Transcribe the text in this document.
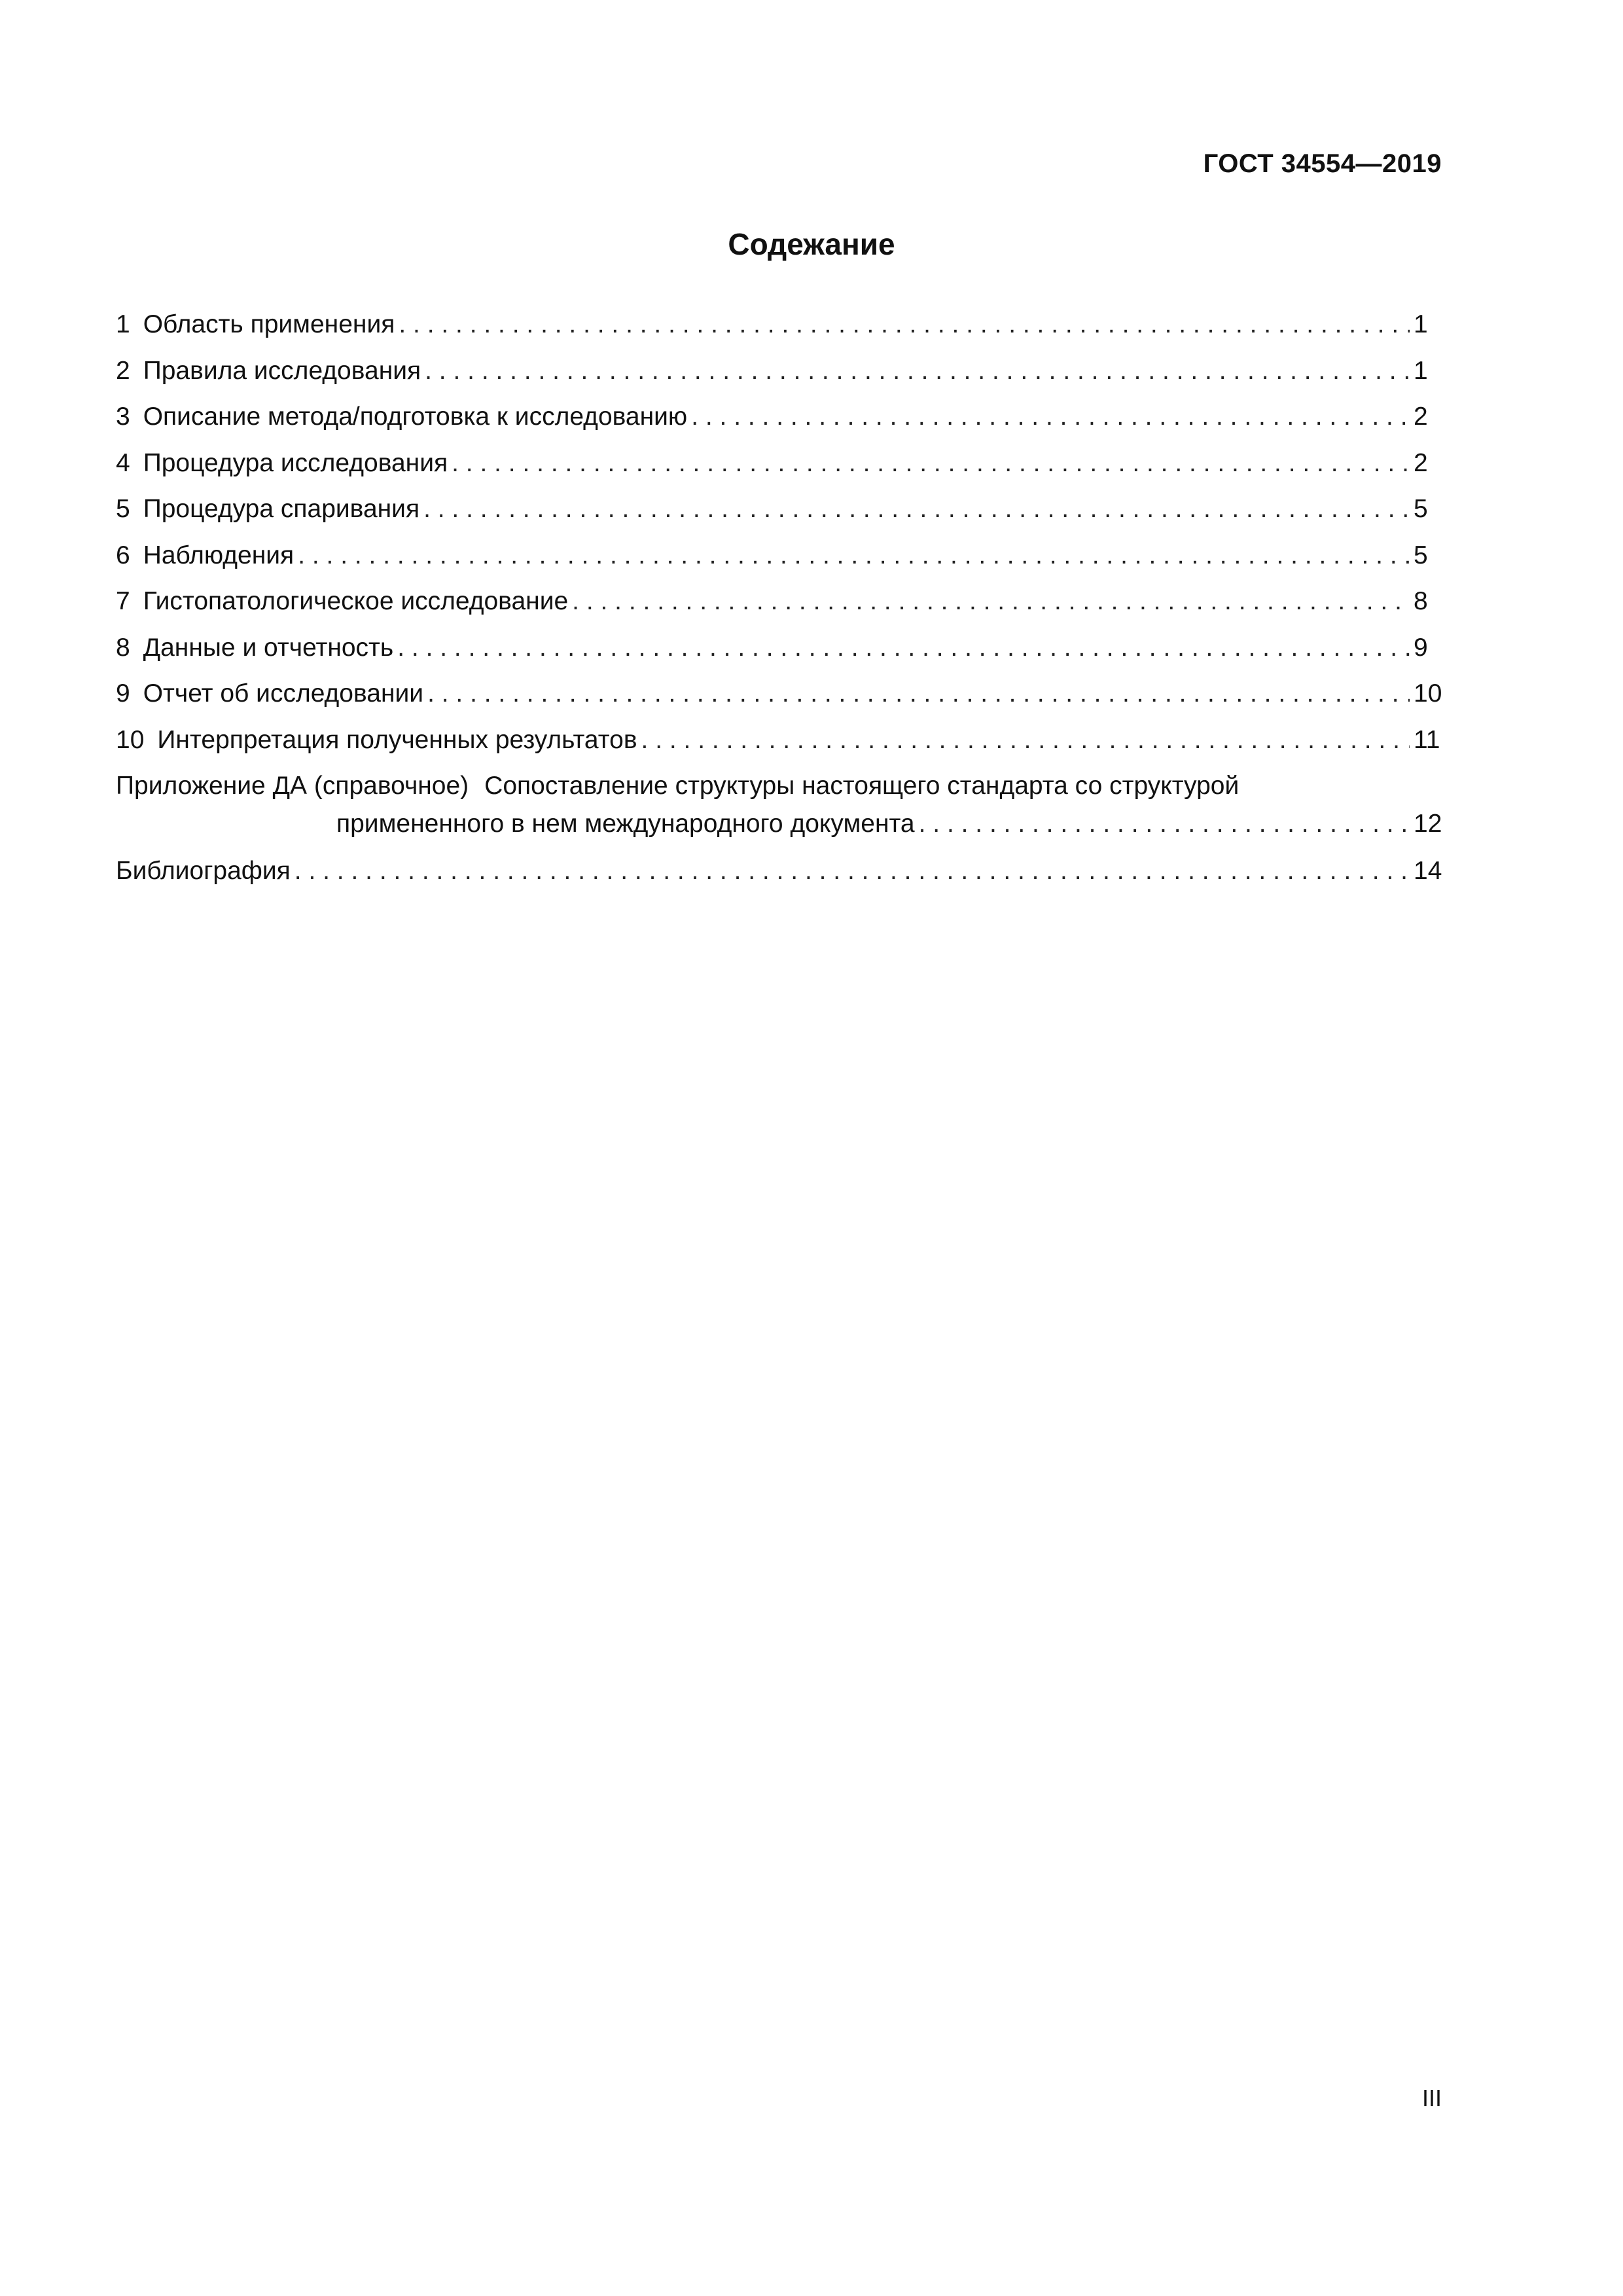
ГОСТ 34554—2019
Содежание
1 Область применения . . .	1
2 Правила исследования . . .	1
3 Описание метода/подготовка к исследованию . . .	2
4 Процедура исследования . . .	2
5 Процедура спаривания . . .	5
6 Наблюдения . . .	5
7 Гистопатологическое исследование . . .	8
8 Данные и отчетность . . .	9
9 Отчет об исследовании . . .	10
10 Интерпретация полученных результатов . . .	11
Приложение ДА (справочное) Сопоставление структуры настоящего стандарта со структурой
примененного в нем международного документа . . .	12
Библиография . . .	14
III
